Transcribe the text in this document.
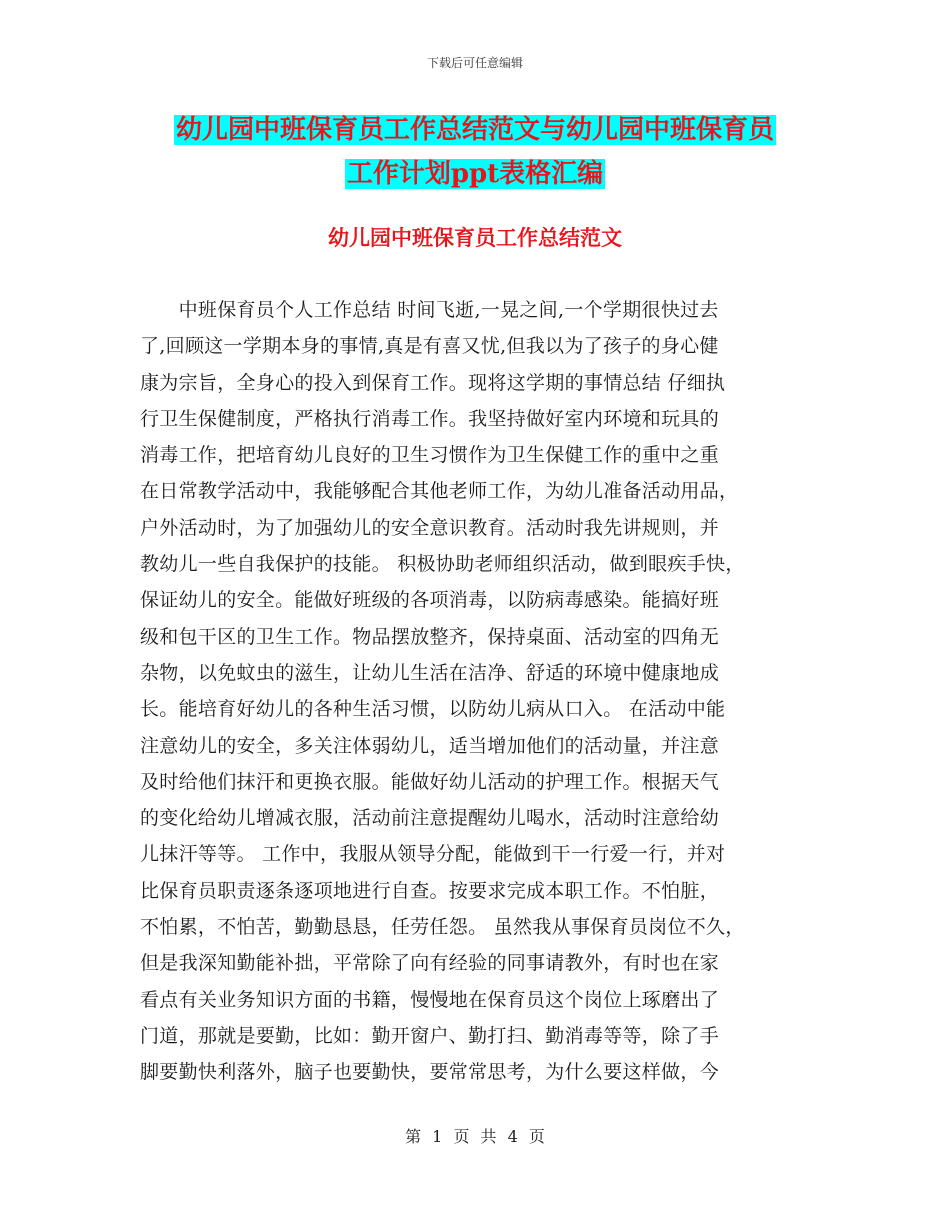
下载后可任意编辑
幼儿园中班保育员工作总结范文与幼儿园中班保育员
工作计划ppt表格汇编
幼儿园中班保育员工作总结范文
　　中班保育员个人工作总结 时间飞逝,一晃之间,一个学期很快过去
了,回顾这一学期本身的事情,真是有喜又忧,但我以为了孩子的身心健
康为宗旨，全身心的投入到保育工作。现将这学期的事情总结 仔细执
行卫生保健制度，严格执行消毒工作。我坚持做好室内环境和玩具的
消毒工作，把培育幼儿良好的卫生习惯作为卫生保健工作的重中之重
在日常教学活动中，我能够配合其他老师工作，为幼儿准备活动用品，
户外活动时，为了加强幼儿的安全意识教育。活动时我先讲规则，并
教幼儿一些自我保护的技能。 积极协助老师组织活动，做到眼疾手快，
保证幼儿的安全。能做好班级的各项消毒，以防病毒感染。能搞好班
级和包干区的卫生工作。物品摆放整齐，保持桌面、活动室的四角无
杂物，以免蚊虫的滋生，让幼儿生活在洁净、舒适的环境中健康地成
长。能培育好幼儿的各种生活习惯，以防幼儿病从口入。 在活动中能
注意幼儿的安全，多关注体弱幼儿，适当增加他们的活动量，并注意
及时给他们抹汗和更换衣服。能做好幼儿活动的护理工作。根据天气
的变化给幼儿增减衣服，活动前注意提醒幼儿喝水，活动时注意给幼
儿抹汗等等。 工作中，我服从领导分配，能做到干一行爱一行，并对
比保育员职责逐条逐项地进行自查。按要求完成本职工作。不怕脏，
不怕累，不怕苦，勤勤恳恳，任劳任怨。 虽然我从事保育员岗位不久，
但是我深知勤能补拙，平常除了向有经验的同事请教外，有时也在家
看点有关业务知识方面的书籍，慢慢地在保育员这个岗位上琢磨出了
门道，那就是要勤，比如：勤开窗户、勤打扫、勤消毒等等，除了手
脚要勤快利落外，脑子也要勤快，要常常思考，为什么要这样做，今
第 1 页 共 4 页
